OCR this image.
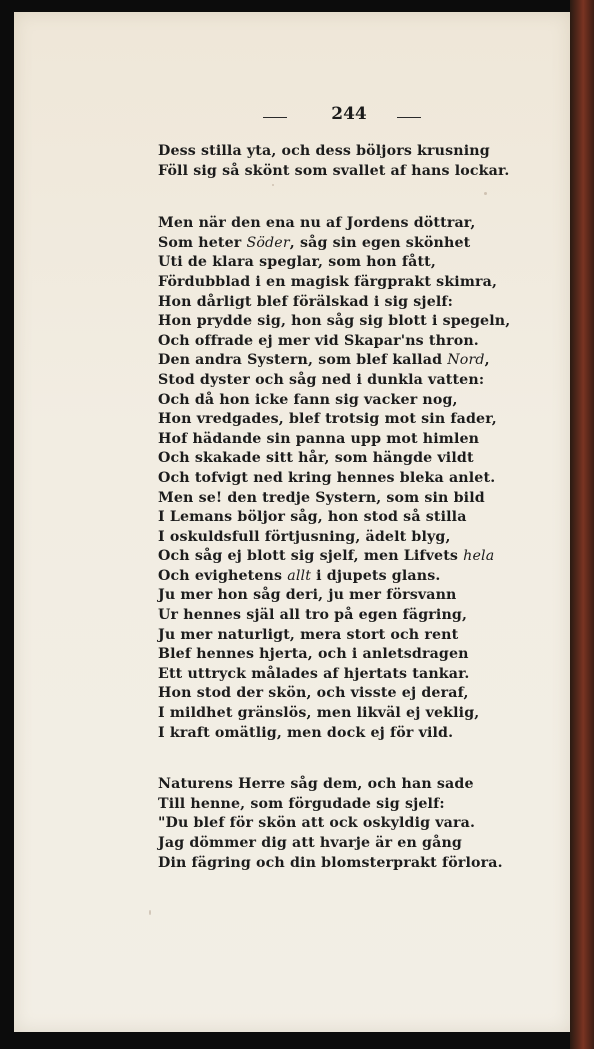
244
Dess stilla yta, och dess böljors krusning
Föll sig så skönt som svallet af hans lockar.
Men när den ena nu af Jordens döttrar,
Som heter Söder, såg sin egen skönhet
Uti de klara speglar, som hon fått,
Fördubblad i en magisk färgprakt skimra,
Hon dårligt blef förälskad i sig sjelf:
Hon prydde sig, hon såg sig blott i spegeln,
Och offrade ej mer vid Skapar'ns thron.
Den andra Systern, som blef kallad Nord,
Stod dyster och såg ned i dunkla vatten:
Och då hon icke fann sig vacker nog,
Hon vredgades, blef trotsig mot sin fader,
Hof hädande sin panna upp mot himlen
Och skakade sitt hår, som hängde vildt
Och tofvigt ned kring hennes bleka anlet.
Men se! den tredje Systern, som sin bild
I Lemans böljor såg, hon stod så stilla
I oskuldsfull förtjusning, ädelt blyg,
Och såg ej blott sig sjelf, men Lifvets hela
Och evighetens allt i djupets glans.
Ju mer hon såg deri, ju mer försvann
Ur hennes själ all tro på egen fägring,
Ju mer naturligt, mera stort och rent
Blef hennes hjerta, och i anletsdragen
Ett uttryck målades af hjertats tankar.
Hon stod der skön, och visste ej deraf,
I mildhet gränslös, men likväl ej veklig,
I kraft omätlig, men dock ej för vild.
Naturens Herre såg dem, och han sade
Till henne, som förgudade sig sjelf:
"Du blef för skön att ock oskyldig vara.
Jag dömmer dig att hvarje är en gång
Din fägring och din blomsterprakt förlora.
